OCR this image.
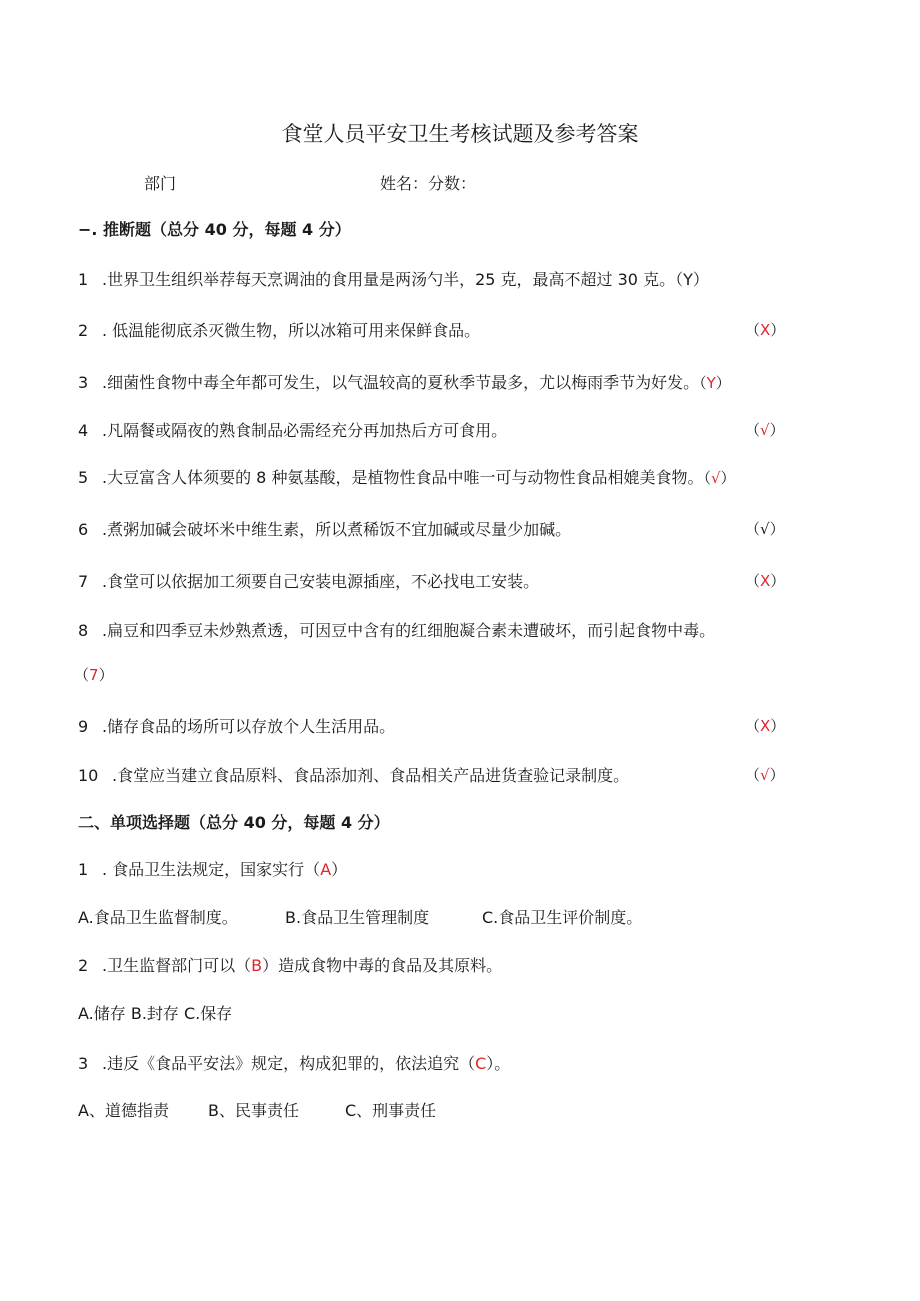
食堂人员平安卫生考核试题及参考答案
部门	姓名：分数：
−. 推断题（总分 40 分，每题 4 分）
1 .世界卫生组织举荐每天烹调油的食用量是两汤勺半，25 克，最高不超过 30 克。（Y）
2 . 低温能彻底杀灭微生物，所以冰箱可用来保鲜食品。	（X）
3 .细菌性食物中毒全年都可发生，以气温较高的夏秋季节最多，尤以梅雨季节为好发。（Y）
4 .凡隔餐或隔夜的熟食制品必需经充分再加热后方可食用。	（√）
5 .大豆富含人体须要的 8 种氨基酸，是植物性食品中唯一可与动物性食品相媲美食物。（√）
6 .煮粥加碱会破坏米中维生素，所以煮稀饭不宜加碱或尽量少加碱。	（√）
7 .食堂可以依据加工须要自己安装电源插座，不必找电工安装。	（X）
8 .扁豆和四季豆未炒熟煮透，可因豆中含有的红细胞凝合素未遭破坏，而引起食物中毒。
（7）
9 .储存食品的场所可以存放个人生活用品。	（X）
10 .食堂应当建立食品原料、食品添加剂、食品相关产品进货查验记录制度。	（√）
二、单项选择题（总分 40 分，每题 4 分）
1 . 食品卫生法规定，国家实行（A）
A.食品卫生监督制度。	B.食品卫生管理制度	C.食品卫生评价制度。
2 .卫生监督部门可以（B）造成食物中毒的食品及其原料。
A.储存 B.封存 C.保存
3 .违反《食品平安法》规定，构成犯罪的，依法追究（C）。
A、道德指责 B、民事责任	C、刑事责任
